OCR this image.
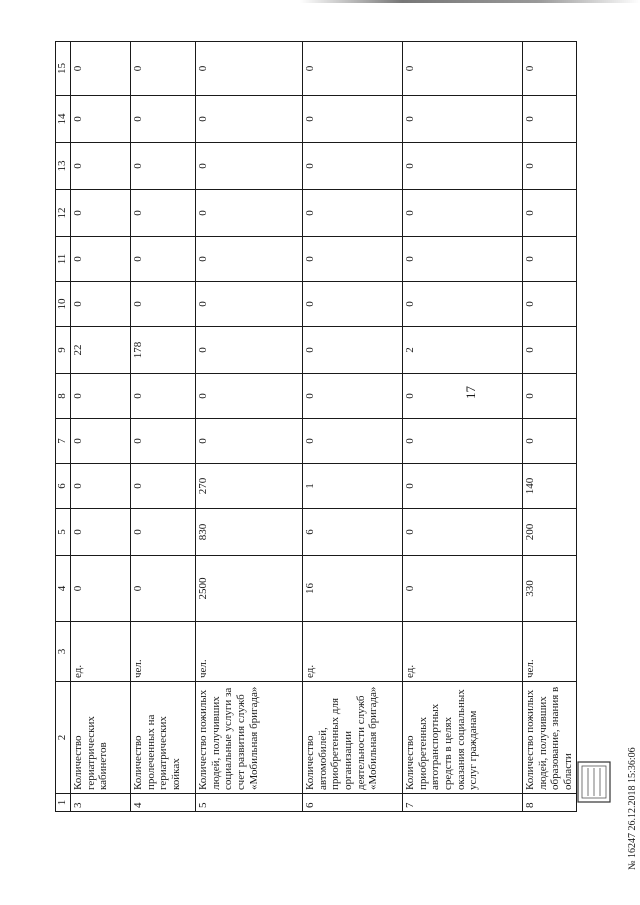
17
1	2	3	4	5	6	7	8	9	10	11	12	13	14	15
3	Количество гериатрических кабинетов	ед.	0	0	0	0	0	22	0	0	0	0	0	0
4	Количество пролеченных на гериатрических койках	чел.	0	0	0	0	0	178	0	0	0	0	0	0
5	Количество пожилых людей, получивших социальные услуги за счет развития служб «Мобильная бригада»	чел.	2500	830	270	0	0	0	0	0	0	0	0	0
6	Количество автомобилей, приобретенных для организации деятельности служб «Мобильная бригада»	ед.	16	6	1	0	0	0	0	0	0	0	0	0
7	Количество приобретенных автотранспортных средств в целях оказания социальных услуг гражданам	ед.	0	0	0	0	0	2	0	0	0	0	0	0
8	Количество пожилых людей, получивших образование, знания в области	чел.	330	200	140	0	0	0	0	0	0	0	0	0
№ 16247 26.12.2018 15:36:06
